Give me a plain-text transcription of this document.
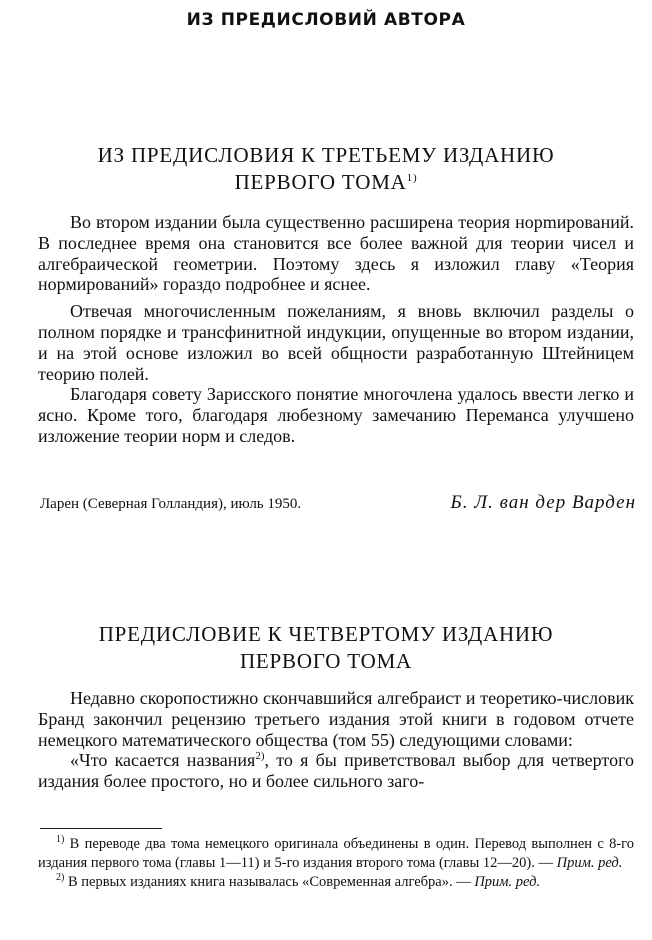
ИЗ ПРЕДИСЛОВИЙ АВТОРА
ИЗ ПРЕДИСЛОВИЯ К ТРЕТЬЕМУ ИЗДАНИЮ
ПЕРВОГО ТОМА$^{1)}$

Во втором издании была существенно расширена теория норmирований. В последнее время она становится все более важной для теории чисел и алгебраической геометрии. Поэтому здесь я изложил главу «Теория нормирований» гораздо подробнее и яснее.

Отвечая многочисленным пожеланиям, я вновь включил разделы о полном порядке и трансфинитной индукции, опущенные во втором издании, и на этой основе изложил во всей общности разработанную Штейницем теорию полей.

Благодаря совету Зарисского понятие многочлена удалось ввести легко и ясно. Кроме того, благодаря любезному замечанию Переманса улучшено изложение теории норм и следов.

Ларен (Северная Голландия), июль 1950.	Б. Л. ван дер Варден
ПРЕДИСЛОВИЕ К ЧЕТВЕРТОМУ ИЗДАНИЮ
ПЕРВОГО ТОМА

Недавно скоропостижно скончавшийся алгебраист и теоретико-числовик Бранд закончил рецензию третьего издания этой книги в годовом отчете немецкого математического общества (том 55) следующими словами:

«Что касается названия$^{2)}$, то я бы приветствовал выбор для четвертого издания более простого, но и более сильного заго-

$^{1)}$ В переводе два тома немецкого оригинала объединены в один. Перевод выполнен с 8-го издания первого тома (главы 1—11) и 5-го издания второго тома (главы 12—20). — Прим. ред.

$^{2)}$ В первых изданиях книга называлась «Современная алгебра». — Прим. ред.
